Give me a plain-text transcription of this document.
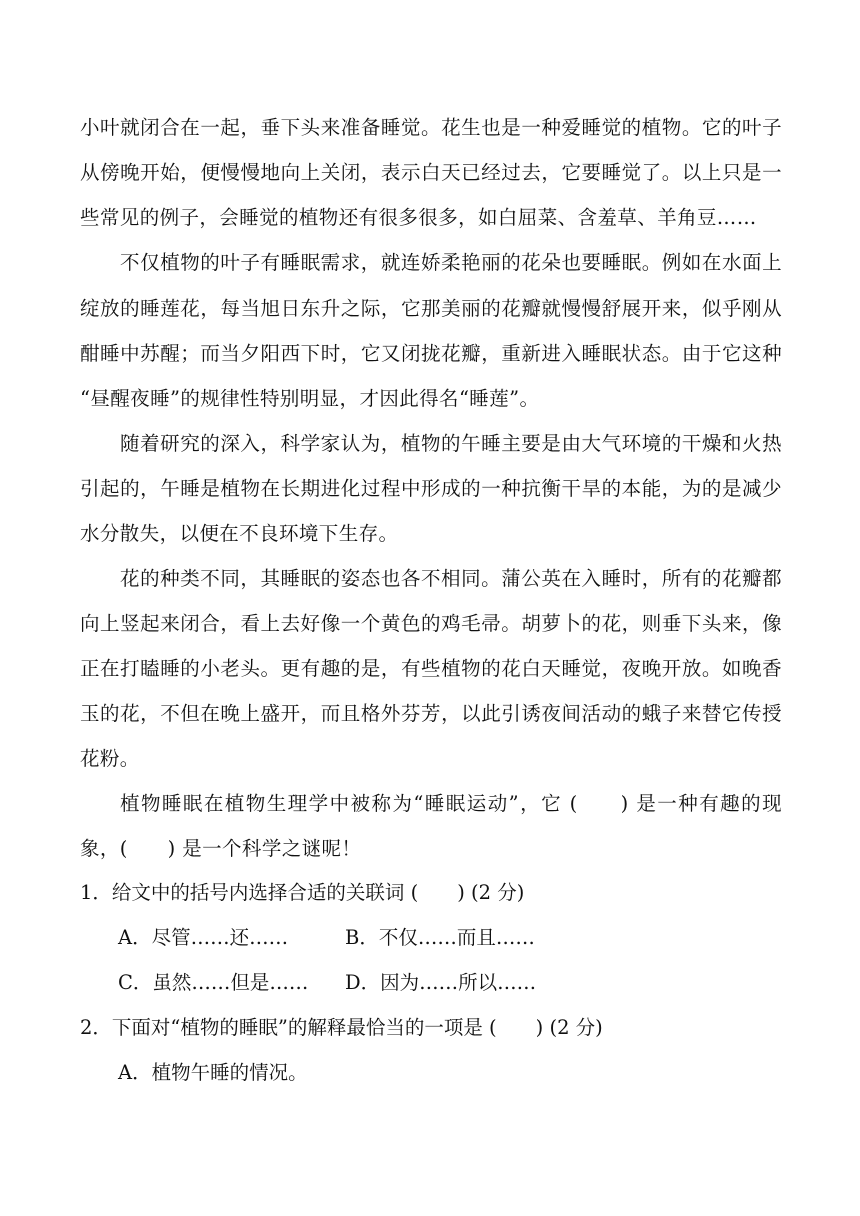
小叶就闭合在一起，垂下头来准备睡觉。花生也是一种爱睡觉的植物。它的叶子
从傍晚开始，便慢慢地向上关闭，表示白天已经过去，它要睡觉了。以上只是一
些常见的例子，会睡觉的植物还有很多很多，如白屈菜、含羞草、羊角豆……
不仅植物的叶子有睡眠需求，就连娇柔艳丽的花朵也要睡眠。例如在水面上
绽放的睡莲花，每当旭日东升之际，它那美丽的花瓣就慢慢舒展开来，似乎刚从
酣睡中苏醒；而当夕阳西下时，它又闭拢花瓣，重新进入睡眠状态。由于它这种
“昼醒夜睡”的规律性特别明显，才因此得名“睡莲”。
随着研究的深入，科学家认为，植物的午睡主要是由大气环境的干燥和火热
引起的，午睡是植物在长期进化过程中形成的一种抗衡干旱的本能，为的是减少
水分散失，以便在不良环境下生存。
花的种类不同，其睡眠的姿态也各不相同。蒲公英在入睡时，所有的花瓣都
向上竖起来闭合，看上去好像一个黄色的鸡毛帚。胡萝卜的花，则垂下头来，像
正在打瞌睡的小老头。更有趣的是，有些植物的花白天睡觉，夜晚开放。如晚香
玉的花，不但在晚上盛开，而且格外芬芳，以此引诱夜间活动的蛾子来替它传授
花粉。
植物睡眠在植物生理学中被称为“睡眠运动”，它 (　　) 是一种有趣的现
象，(　　) 是一个科学之谜呢！
1．给文中的括号内选择合适的关联词 (　　) (2 分)
A．尽管……还……	B．不仅……而且……
C．虽然……但是…… D．因为……所以……
2．下面对“植物的睡眠”的解释最恰当的一项是 (　　) (2 分)
A．植物午睡的情况。
